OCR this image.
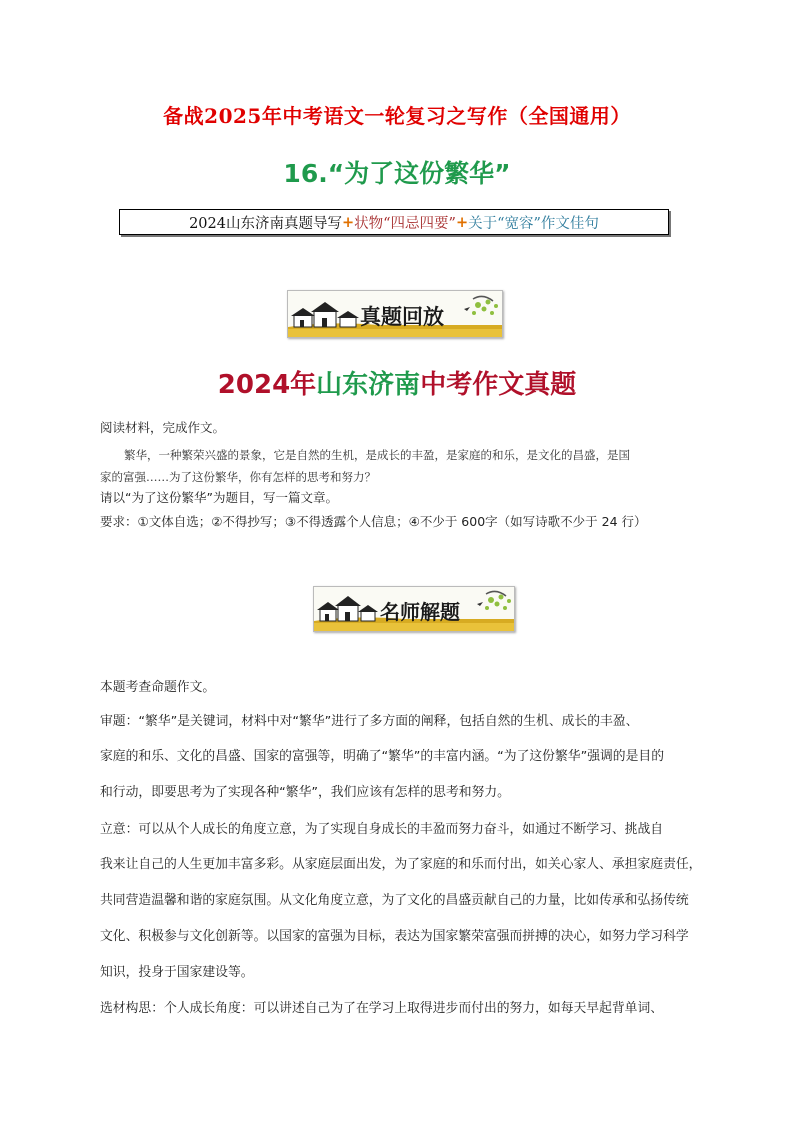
备战2025年中考语文一轮复习之写作（全国通用）
16.“为了这份繁华”
2024山东济南真题导写 + 状物“四忌四要” + 关于“宽容”作文佳句
真题回放
2024年山东济南中考作文真题
阅读材料，完成作文。
繁华，一种繁荣兴盛的景象，它是自然的生机，是成长的丰盈，是家庭的和乐，是文化的昌盛，是国
家的富强……为了这份繁华，你有怎样的思考和努力？
请以“为了这份繁华”为题目，写一篇文章。
要求：①文体自选；②不得抄写；③不得透露个人信息；④不少于 600字（如写诗歌不少于 24 行）
名师解题
本题考查命题作文。
审题：“繁华”是关键词，材料中对“繁华”进行了多方面的阐释，包括自然的生机、成长的丰盈、
家庭的和乐、文化的昌盛、国家的富强等，明确了“繁华”的丰富内涵。“为了这份繁华”强调的是目的
和行动，即要思考为了实现各种“繁华”，我们应该有怎样的思考和努力。
立意：可以从个人成长的角度立意，为了实现自身成长的丰盈而努力奋斗，如通过不断学习、挑战自
我来让自己的人生更加丰富多彩。从家庭层面出发，为了家庭的和乐而付出，如关心家人、承担家庭责任，
共同营造温馨和谐的家庭氛围。从文化角度立意，为了文化的昌盛贡献自己的力量，比如传承和弘扬传统
文化、积极参与文化创新等。以国家的富强为目标，表达为国家繁荣富强而拼搏的决心，如努力学习科学
知识，投身于国家建设等。
选材构思：个人成长角度：可以讲述自己为了在学习上取得进步而付出的努力，如每天早起背单词、
